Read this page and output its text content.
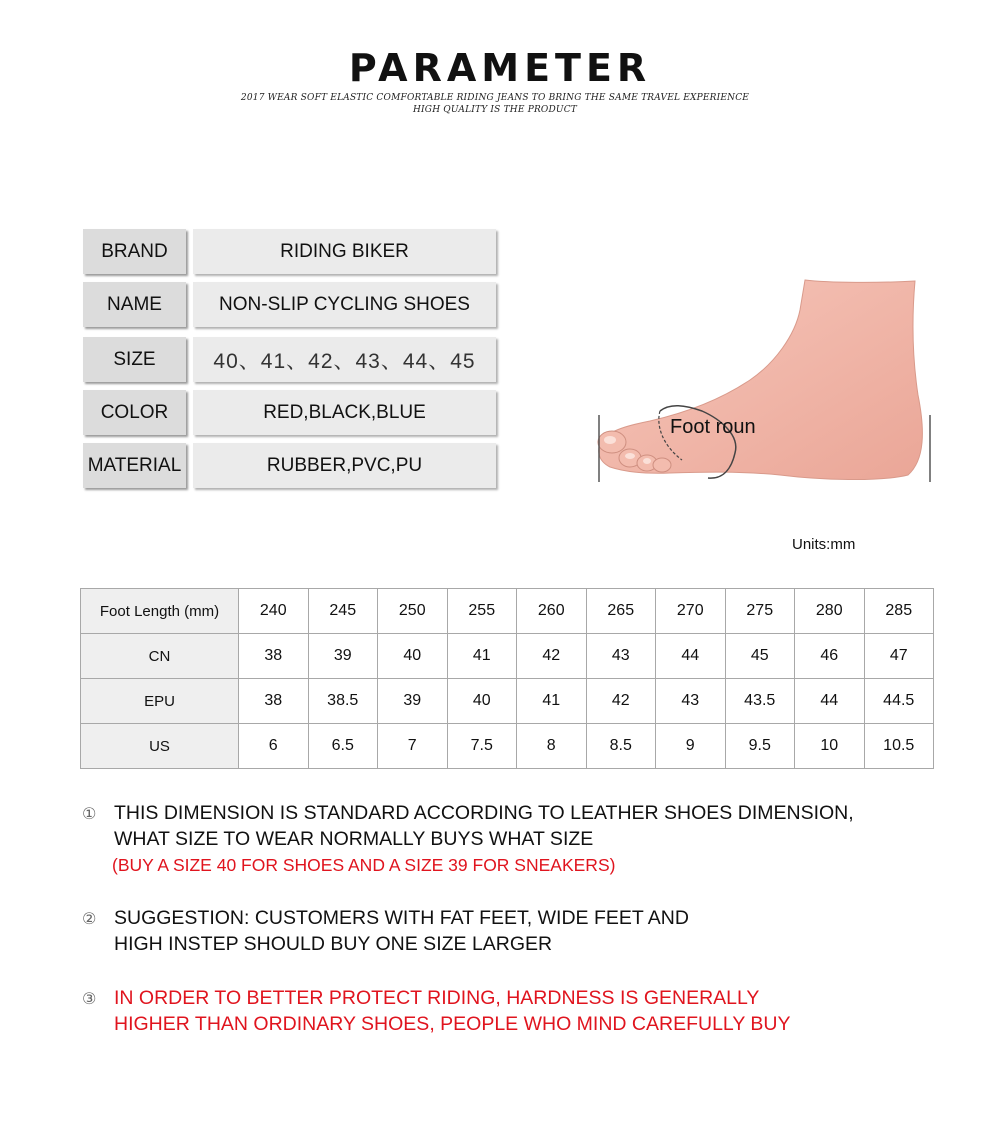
PARAMETER
2017 WEAR SOFT ELASTIC COMFORTABLE RIDING JEANS TO BRING THE SAME TRAVEL EXPERIENCE
HIGH QUALITY IS THE PRODUCT
BRAND	RIDING BIKER
NAME	NON-SLIP CYCLING SHOES
SIZE	40、41、42、43、44、45
COLOR	RED,BLACK,BLUE
MATERIAL	RUBBER,PVC,PU
Foot roun
Units:mm
Foot Length (mm)	240	245	250	255	260	265	270	275	280	285
CN	38	39	40	41	42	43	44	45	46	47
EPU	38	38.5	39	40	41	42	43	43.5	44	44.5
US	6	6.5	7	7.5	8	8.5	9	9.5	10	10.5
① THIS DIMENSION IS STANDARD ACCORDING TO LEATHER SHOES DIMENSION,
WHAT SIZE TO WEAR NORMALLY BUYS WHAT SIZE
(BUY A SIZE 40 FOR SHOES AND A SIZE 39 FOR SNEAKERS)
② SUGGESTION: CUSTOMERS WITH FAT FEET, WIDE FEET AND
HIGH INSTEP SHOULD BUY ONE SIZE LARGER
③ IN ORDER TO BETTER PROTECT RIDING, HARDNESS IS GENERALLY
HIGHER THAN ORDINARY SHOES, PEOPLE WHO MIND CAREFULLY BUY
